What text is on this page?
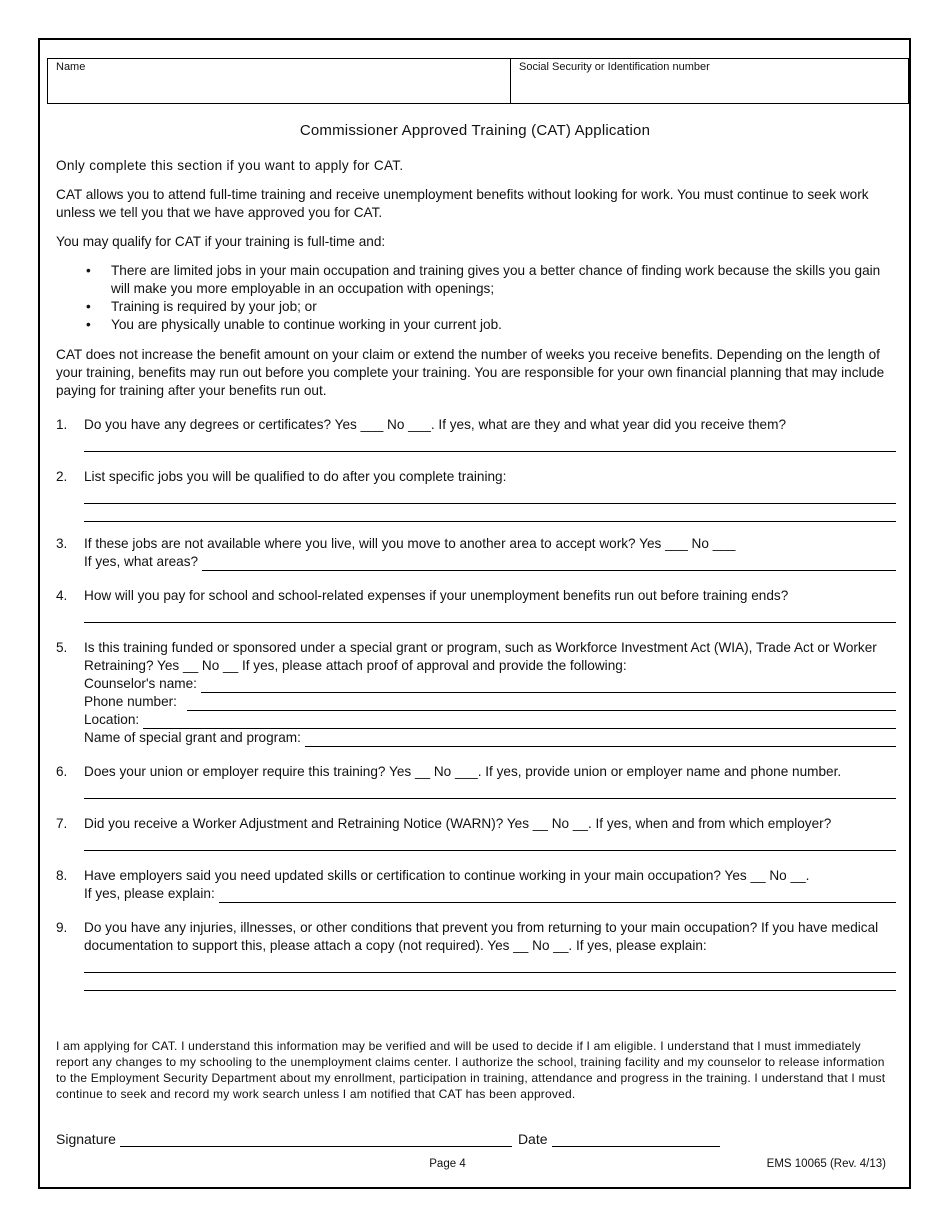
Name	Social Security or Identification number
Commissioner Approved Training (CAT) Application

Only complete this section if you want to apply for CAT.

CAT allows you to attend full-time training and receive unemployment benefits without looking for work. You must continue to seek work unless we tell you that we have approved you for CAT.

You may qualify for CAT if your training is full-time and:

• There are limited jobs in your main occupation and training gives you a better chance of finding work because the skills you gain will make you more employable in an occupation with openings;
• Training is required by your job; or
• You are physically unable to continue working in your current job.

CAT does not increase the benefit amount on your claim or extend the number of weeks you receive benefits. Depending on the length of your training, benefits may run out before you complete your training. You are responsible for your own financial planning that may include paying for training after your benefits run out.

1. Do you have any degrees or certificates? Yes ___ No ___. If yes, what are they and what year did you receive them?
2. List specific jobs you will be qualified to do after you complete training:
3. If these jobs are not available where you live, will you move to another area to accept work? Yes ___ No ___
If yes, what areas?
4. How will you pay for school and school-related expenses if your unemployment benefits run out before training ends?
5. Is this training funded or sponsored under a special grant or program, such as Workforce Investment Act (WIA), Trade Act or Worker Retraining? Yes __ No __ If yes, please attach proof of approval and provide the following:
Counselor's name:
Phone number:
Location:
Name of special grant and program:
6. Does your union or employer require this training? Yes __ No ___. If yes, provide union or employer name and phone number.
7. Did you receive a Worker Adjustment and Retraining Notice (WARN)? Yes __ No __. If yes, when and from which employer?
8. Have employers said you need updated skills or certification to continue working in your main occupation? Yes __ No __.
If yes, please explain:
9. Do you have any injuries, illnesses, or other conditions that prevent you from returning to your main occupation? If you have medical documentation to support this, please attach a copy (not required). Yes __ No __. If yes, please explain:
I am applying for CAT. I understand this information may be verified and will be used to decide if I am eligible. I understand that I must immediately report any changes to my schooling to the unemployment claims center. I authorize the school, training facility and my counselor to release information to the Employment Security Department about my enrollment, participation in training, attendance and progress in the training. I understand that I must continue to seek and record my work search unless I am notified that CAT has been approved.
Signature	Date
Page 4	EMS 10065 (Rev. 4/13)
